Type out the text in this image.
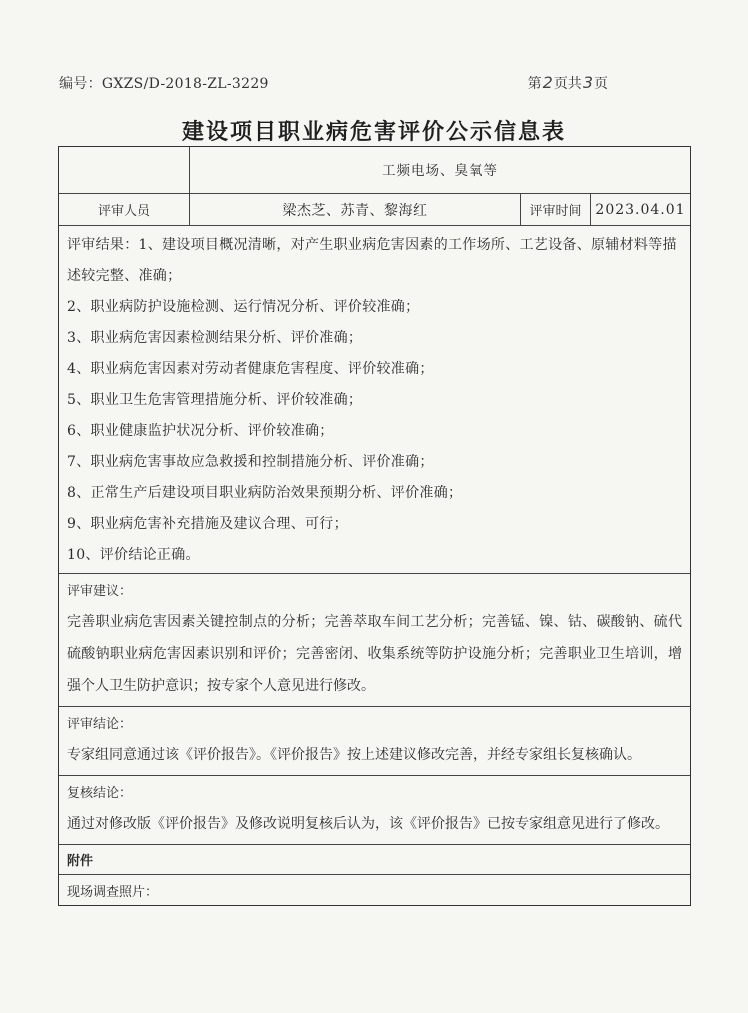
编号：GXZS/D-2018-ZL-3229	第2页共3页
建设项目职业病危害评价公示信息表
工频电场、臭氧等
评审人员	梁杰芝、苏青、黎海红	评审时间 2023.04.01
评审结果：1、建设项目概况清晰，对产生职业病危害因素的工作场所、工艺设备、原辅材料等描述较完整、准确；
2、职业病防护设施检测、运行情况分析、评价较准确；
3、职业病危害因素检测结果分析、评价准确；
4、职业病危害因素对劳动者健康危害程度、评价较准确；
5、职业卫生危害管理措施分析、评价较准确；
6、职业健康监护状况分析、评价较准确；
7、职业病危害事故应急救援和控制措施分析、评价准确；
8、正常生产后建设项目职业病防治效果预期分析、评价准确；
9、职业病危害补充措施及建议合理、可行；
10、评价结论正确。
评审建议：
完善职业病危害因素关键控制点的分析；完善萃取车间工艺分析；完善锰、镍、钴、碳酸钠、硫代硫酸钠职业病危害因素识别和评价；完善密闭、收集系统等防护设施分析；完善职业卫生培训，增强个人卫生防护意识；按专家个人意见进行修改。
评审结论：
专家组同意通过该《评价报告》。《评价报告》按上述建议修改完善，并经专家组长复核确认。
复核结论：
通过对修改版《评价报告》及修改说明复核后认为，该《评价报告》已按专家组意见进行了修改。
附件
现场调查照片：
